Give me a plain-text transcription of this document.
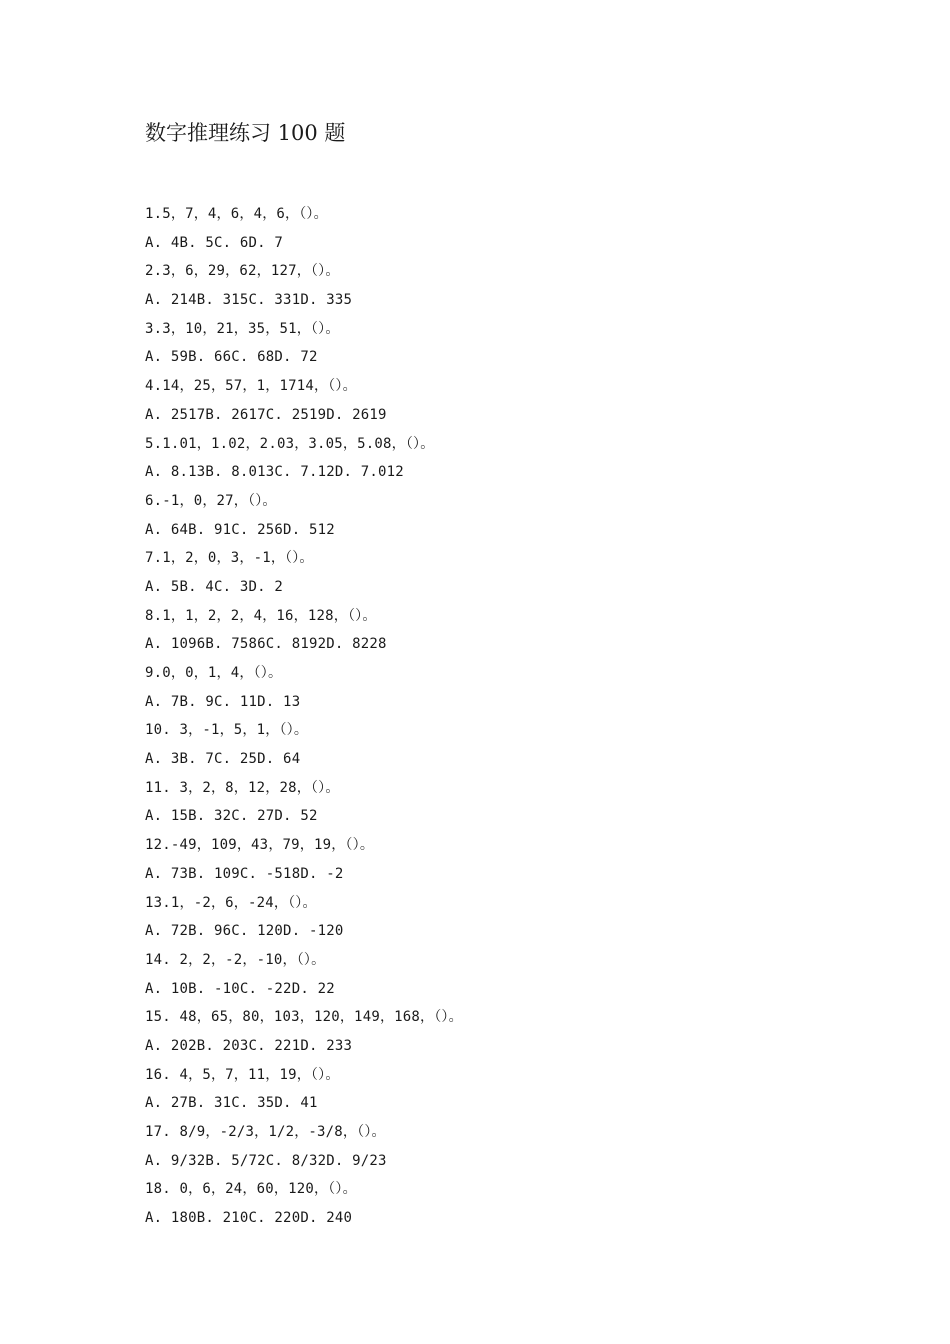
数字推理练习 100 题
1.5，7，4，6，4，6，（）。
A. 4B. 5C. 6D. 7
2.3，6，29，62，127，（）。
A. 214B. 315C. 331D. 335
3.3，10，21，35，51，（）。
A. 59B. 66C. 68D. 72
4.14，25，57，1，1714，（）。
A. 2517B. 2617C. 2519D. 2619
5.1.01，1.02，2.03，3.05，5.08，（）。
A. 8.13B. 8.013C. 7.12D. 7.012
6.-1，0，27，（）。
A. 64B. 91C. 256D. 512
7.1，2，0，3，-1，（）。
A. 5B. 4C. 3D. 2
8.1，1，2，2，4，16，128，（）。
A. 1096B. 7586C. 8192D. 8228
9.0，0，1，4，（）。
A. 7B. 9C. 11D. 13
10. 3，-1，5，1，（）。
A. 3B. 7C. 25D. 64
11. 3，2，8，12，28，（）。
A. 15B. 32C. 27D. 52
12.-49，109，43，79，19，（）。
A. 73B. 109C. -518D. -2
13.1，-2，6，-24，（）。
A. 72B. 96C. 120D. -120
14. 2，2，-2，-10，（）。
A. 10B. -10C. -22D. 22
15. 48，65，80，103，120，149，168，（）。
A. 202B. 203C. 221D. 233
16. 4，5，7，11，19，（）。
A. 27B. 31C. 35D. 41
17. 8/9，-2/3，1/2，-3/8，（）。
A. 9/32B. 5/72C. 8/32D. 9/23
18. 0，6，24，60，120，（）。
A. 180B. 210C. 220D. 240
